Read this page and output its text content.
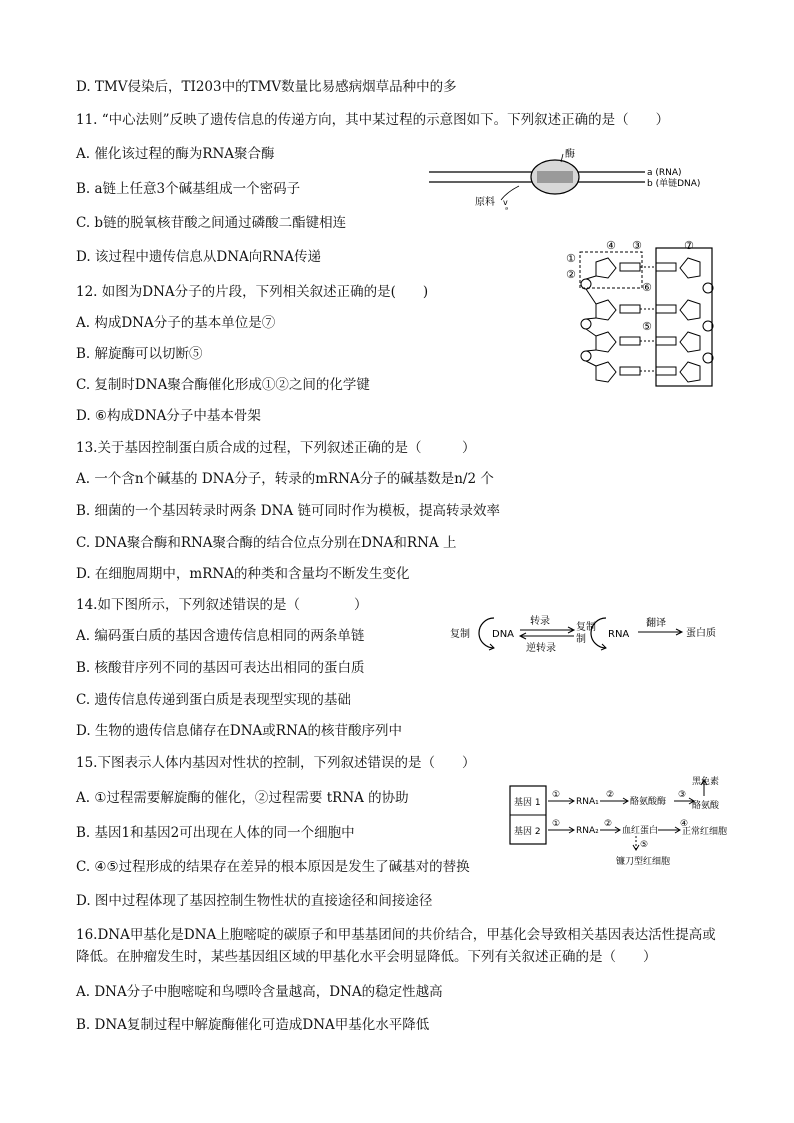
D. TMV侵染后，TI203中的TMV数量比易感病烟草品种中的多
11. “中心法则”反映了遗传信息的传递方向，其中某过程的示意图如下。下列叙述正确的是（　　）
A. 催化该过程的酶为RNA聚合酶
B. a链上任意3个碱基组成一个密码子
C. b链的脱氧核苷酸之间通过磷酸二酯键相连
D. 该过程中遗传信息从DNA向RNA传递
12. 如图为DNA分子的片段，下列相关叙述正确的是(　　)
A. 构成DNA分子的基本单位是⑦
B. 解旋酶可以切断⑤
C. 复制时DNA聚合酶催化形成①②之间的化学键
D. ⑥构成DNA分子中基本骨架
13.关于基因控制蛋白质合成的过程，下列叙述正确的是（　　　）
A. 一个含n个碱基的 DNA分子，转录的mRNA分子的碱基数是n/2 个
B. 细菌的一个基因转录时两条 DNA 链可同时作为模板，提高转录效率
C. DNA聚合酶和RNA聚合酶的结合位点分别在DNA和RNA 上
D. 在细胞周期中，mRNA的种类和含量均不断发生变化
14.如下图所示，下列叙述错误的是（　　　　）
A. 编码蛋白质的基因含遗传信息相同的两条单链
B. 核酸苷序列不同的基因可表达出相同的蛋白质
C. 遗传信息传递到蛋白质是表现型实现的基础
D. 生物的遗传信息储存在DNA或RNA的核苷酸序列中
15.下图表示人体内基因对性状的控制，下列叙述错误的是（　　）
A. ①过程需要解旋酶的催化，②过程需要 tRNA 的协助
B. 基因1和基因2可出现在人体的同一个细胞中
C. ④⑤过程形成的结果存在差异的根本原因是发生了碱基对的替换
D. 图中过程体现了基因控制生物性状的直接途径和间接途径
16.DNA甲基化是DNA上胞嘧啶的碳原子和甲基基团间的共价结合，甲基化会导致相关基因表达活性提高或降低。在肿瘤发生时，某些基因组区域的甲基化水平会明显降低。下列有关叙述正确的是（　　）
A. DNA分子中胞嘧啶和鸟嘌呤含量越高，DNA的稳定性越高
B. DNA复制过程中解旋酶催化可造成DNA甲基化水平降低
酶
a (RNA)
b (单链DNA)
原料 v
ᵃ
④ ③	⑦
①
②
⑥
⑤
复制 DNA
转录
逆转录
复制
制 RNA
翻译
蛋白质
基因 1
基因 2
①
①
RNA₁
RNA₂
②
②
酪氨酸酶
③
黑色素
酪氨酸
血红蛋白
④
正常红细胞
⑤
镰刀型红细胞
